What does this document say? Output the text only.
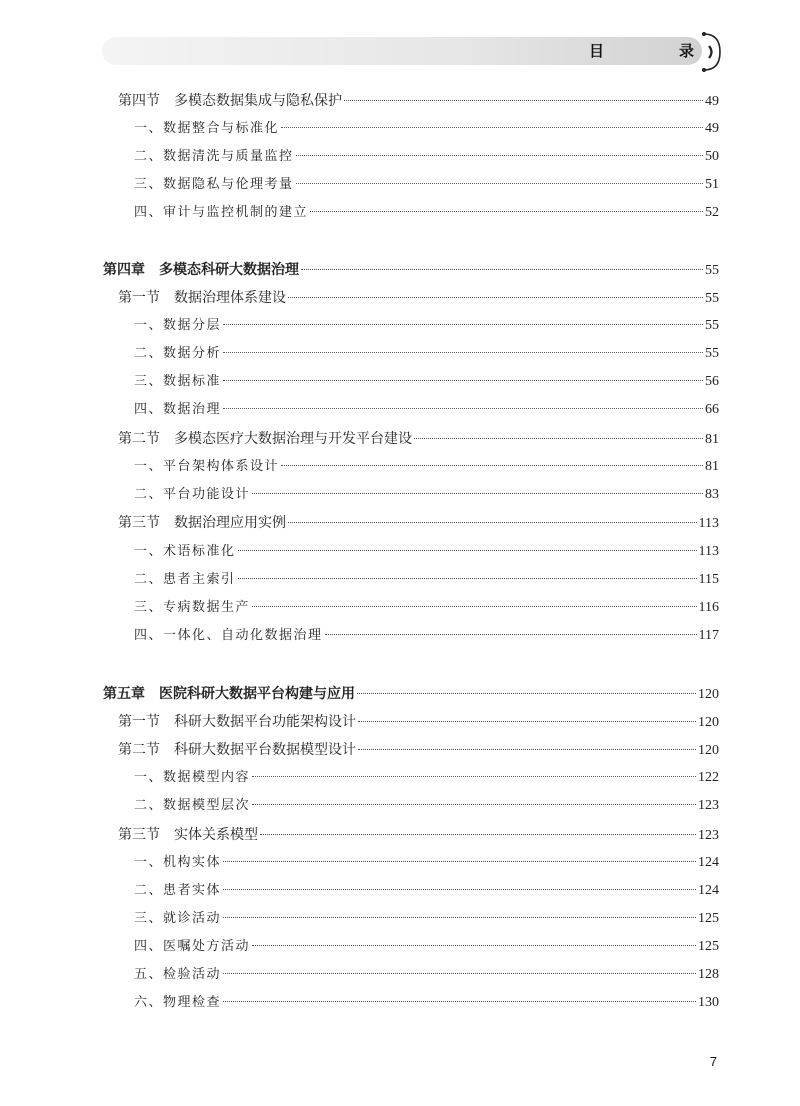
目　录
第四节　多模态数据集成与隐私保护	49
一、数据整合与标准化	49
二、数据清洗与质量监控	50
三、数据隐私与伦理考量	51
四、审计与监控机制的建立	52
第四章　多模态科研大数据治理	55
第一节　数据治理体系建设	55
一、数据分层	55
二、数据分析	55
三、数据标准	56
四、数据治理	66
第二节　多模态医疗大数据治理与开发平台建设	81
一、平台架构体系设计	81
二、平台功能设计	83
第三节　数据治理应用实例	113
一、术语标准化	113
二、患者主索引	115
三、专病数据生产	116
四、一体化、自动化数据治理	117
第五章　医院科研大数据平台构建与应用	120
第一节　科研大数据平台功能架构设计	120
第二节　科研大数据平台数据模型设计	120
一、数据模型内容	122
二、数据模型层次	123
第三节　实体关系模型	123
一、机构实体	124
二、患者实体	124
三、就诊活动	125
四、医嘱处方活动	125
五、检验活动	128
六、物理检查	130
7
